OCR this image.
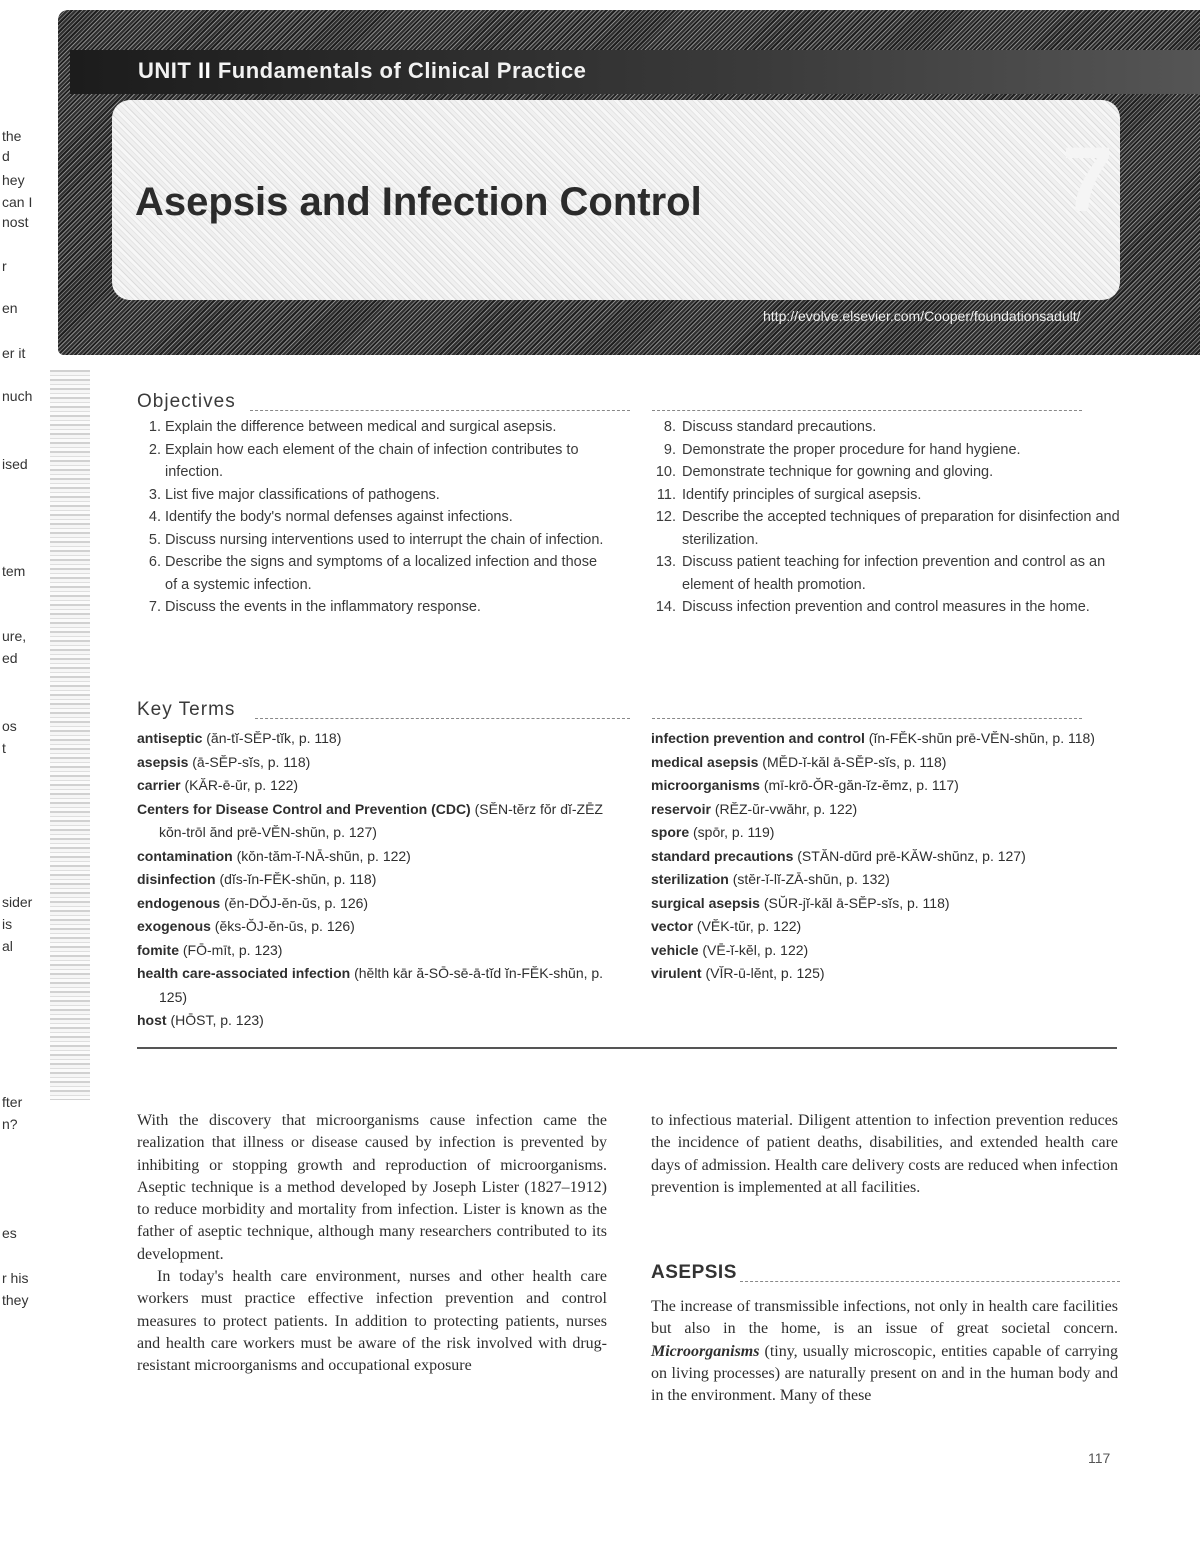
the
d
hey
can I
nost
r
en
er it
nuch
ised
tem
ure,
ed
os
t
sider
is
al
fter
n?
es
r his
they
UNIT II Fundamentals of Clinical Practice
Asepsis and Infection Control	7
http://evolve.elsevier.com/Cooper/foundationsadult/
Objectives
1. Explain the difference between medical and surgical asepsis.
2. Explain how each element of the chain of infection contributes to infection.
3. List five major classifications of pathogens.
4. Identify the body's normal defenses against infections.
5. Discuss nursing interventions used to interrupt the chain of infection.
6. Describe the signs and symptoms of a localized infection and those of a systemic infection.
7. Discuss the events in the inflammatory response.
8. Discuss standard precautions.
9. Demonstrate the proper procedure for hand hygiene.
10. Demonstrate technique for gowning and gloving.
11. Identify principles of surgical asepsis.
12. Describe the accepted techniques of preparation for disinfection and sterilization.
13. Discuss patient teaching for infection prevention and control as an element of health promotion.
14. Discuss infection prevention and control measures in the home.
Key Terms
antiseptic (ăn-tĭ-SĔP-tĭk, p. 118)
asepsis (ā-SĔP-sĭs, p. 118)
carrier (KĂR-ē-ŭr, p. 122)
Centers for Disease Control and Prevention (CDC) (SĔN-tĕrz fŏr dĭ-ZĒZ kŏn-trōl ănd prē-VĔN-shŭn, p. 127)
contamination (kŏn-tăm-ĭ-NĀ-shŭn, p. 122)
disinfection (dĭs-ĭn-FĔK-shŭn, p. 118)
endogenous (ĕn-DŎJ-ĕn-ŭs, p. 126)
exogenous (ĕks-ŎJ-ĕn-ŭs, p. 126)
fomite (FŌ-mīt, p. 123)
health care-associated infection (hĕlth kār ă-SŌ-sē-ā-tĭd ĭn-FĔK-shŭn, p. 125)
host (HŌST, p. 123)
infection prevention and control (ĭn-FĔK-shŭn prē-VĔN-shŭn, p. 118)
medical asepsis (MĔD-ĭ-kăl ā-SĔP-sĭs, p. 118)
microorganisms (mī-krō-ŎR-găn-ĭz-ĕmz, p. 117)
reservoir (RĔZ-ŭr-vwăhr, p. 122)
spore (spōr, p. 119)
standard precautions (STĂN-dŭrd prē-KĂW-shŭnz, p. 127)
sterilization (stĕr-ĭ-lĭ-ZĀ-shŭn, p. 132)
surgical asepsis (SŬR-jĭ-kăl ā-SĔP-sĭs, p. 118)
vector (VĔK-tŭr, p. 122)
vehicle (VĒ-ĭ-kĕl, p. 122)
virulent (VĬR-ū-lĕnt, p. 125)

With the discovery that microorganisms cause infection came the realization that illness or disease caused by infection is prevented by inhibiting or stopping growth and reproduction of microorganisms. Aseptic technique is a method developed by Joseph Lister (1827–1912) to reduce morbidity and mortality from infection. Lister is known as the father of aseptic technique, although many researchers contributed to its development.

In today's health care environment, nurses and other health care workers must practice effective infection prevention and control measures to protect patients. In addition to protecting patients, nurses and health care workers must be aware of the risk involved with drug-resistant microorganisms and occupational exposure

to infectious material. Diligent attention to infection prevention reduces the incidence of patient deaths, disabilities, and extended health care days of admission. Health care delivery costs are reduced when infection prevention is implemented at all facilities.

ASEPSIS

The increase of transmissible infections, not only in health care facilities but also in the home, is an issue of great societal concern. Microorganisms (tiny, usually microscopic, entities capable of carrying on living processes) are naturally present on and in the human body and in the environment. Many of these

117
